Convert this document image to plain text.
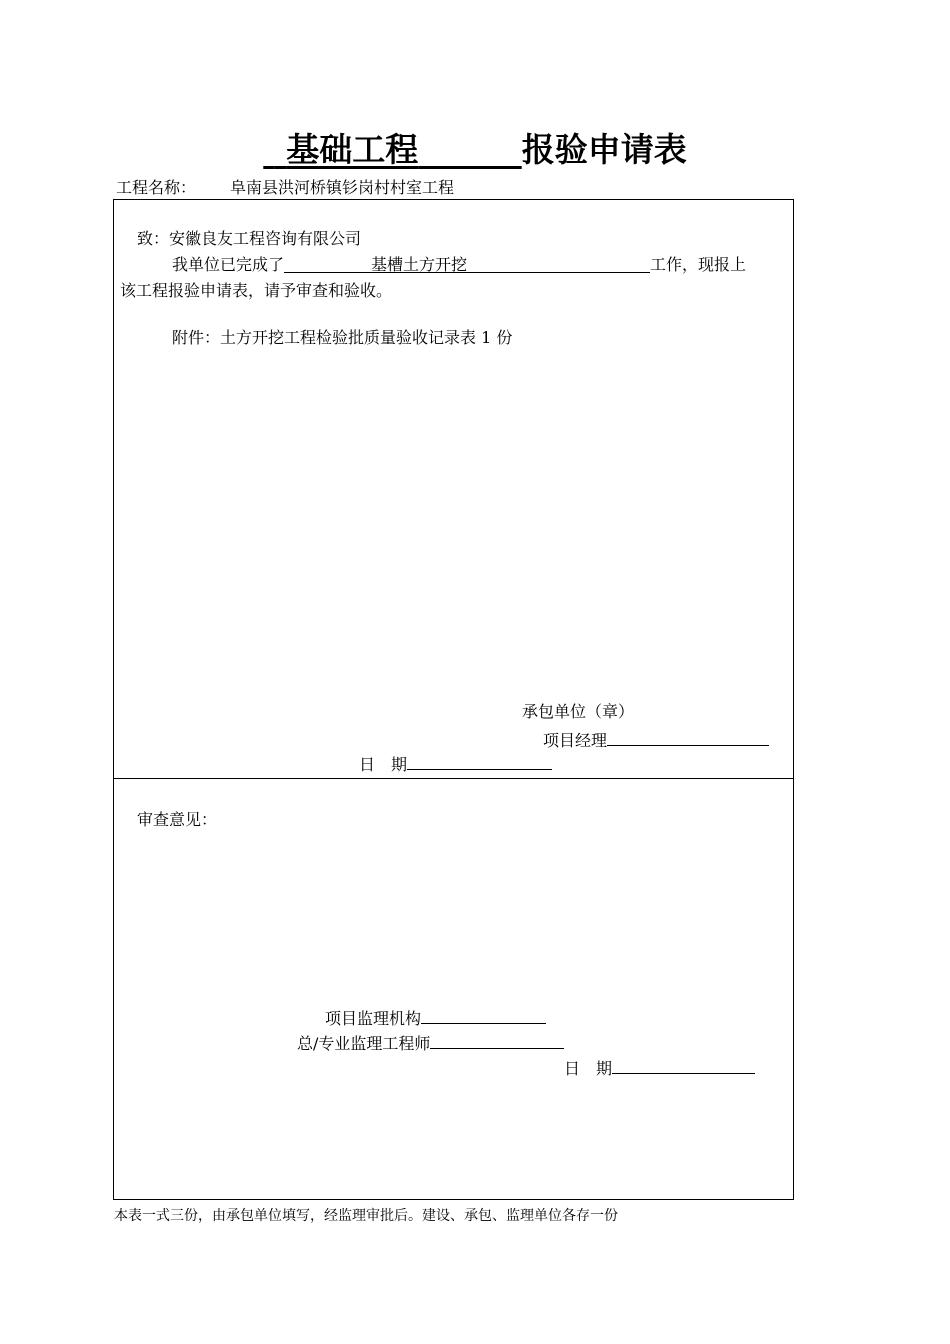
基础工程	报验申请表
工程名称： 阜南县洪河桥镇钐岗村村室工程
致：安徽良友工程咨询有限公司
我单位已完成了	基槽土方开挖	工作，现报上
该工程报验申请表，请予审查和验收。
附件：土方开挖工程检验批质量验收记录表 1 份
承包单位（章）
项目经理
日　期
审查意见：
项目监理机构
总/专业监理工程师
日　期
本表一式三份，由承包单位填写，经监理审批后。建设、承包、监理单位各存一份
